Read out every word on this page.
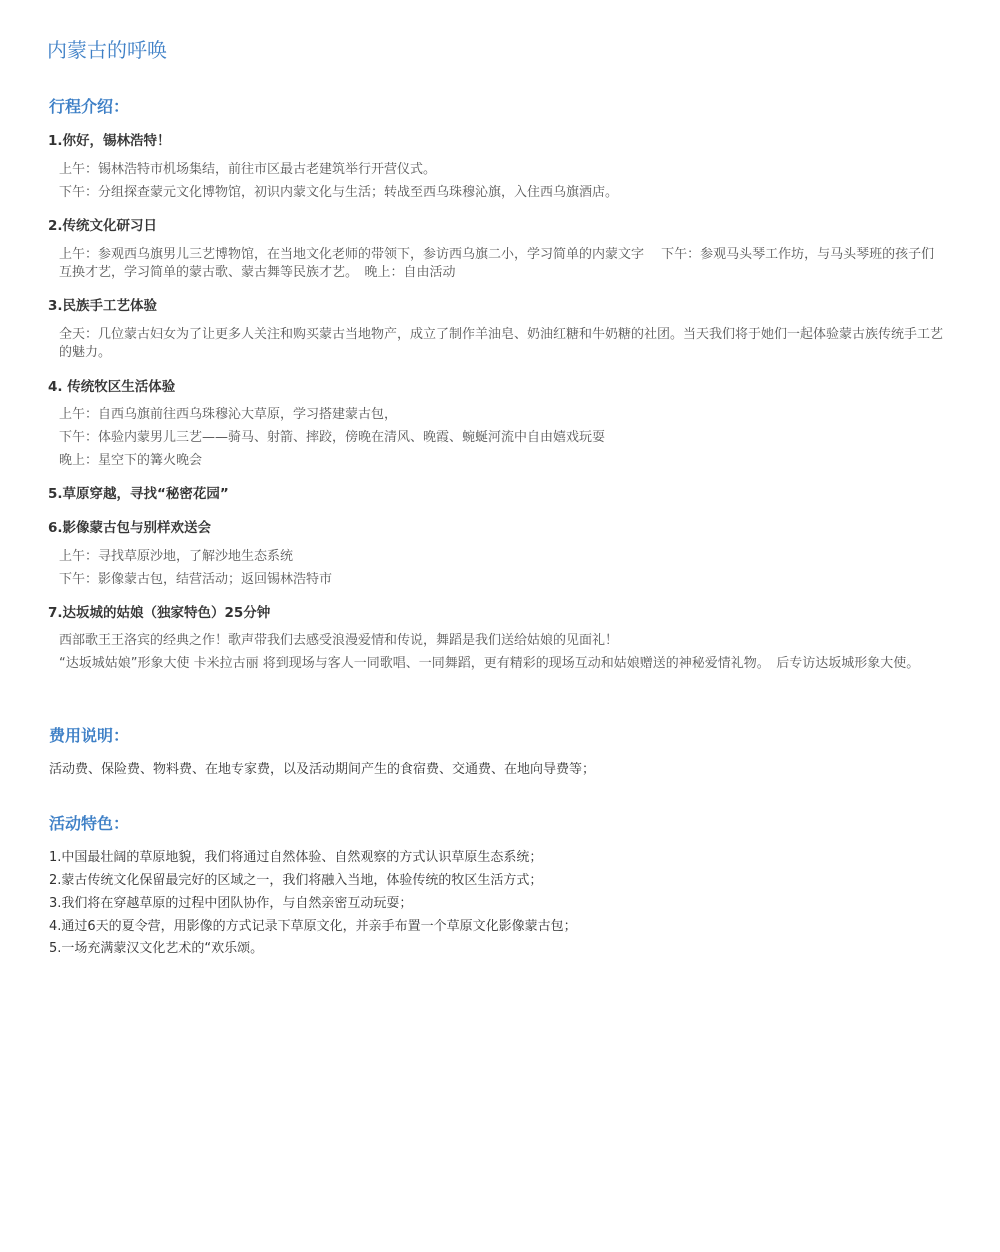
内蒙古的呼唤
行程介绍：
1.你好，锡林浩特！
上午：锡林浩特市机场集结，前往市区最古老建筑举行开营仪式。
下午：分组探查蒙元文化博物馆，初识内蒙文化与生活；转战至西乌珠穆沁旗，入住西乌旗酒店。
2.传统文化研习日
上午：参观西乌旗男儿三艺博物馆，在当地文化老师的带领下，参访西乌旗二小，学习简单的内蒙文字　 下午：参观马头琴工作坊，与马头琴班的孩子们互换才艺，学习简单的蒙古歌、蒙古舞等民族才艺。　晚上：自由活动
3.民族手工艺体验
全天：几位蒙古妇女为了让更多人关注和购买蒙古当地物产，成立了制作羊油皂、奶油红糖和牛奶糖的社团。当天我们将于她们一起体验蒙古族传统手工艺的魅力。
4. 传统牧区生活体验
上午：自西乌旗前往西乌珠穆沁大草原，学习搭建蒙古包，
下午：体验内蒙男儿三艺——骑马、射箭、摔跤，傍晚在清风、晚霞、蜿蜒河流中自由嬉戏玩耍
晚上：星空下的篝火晚会
5.草原穿越，寻找“秘密花园”
6.影像蒙古包与别样欢送会
上午：寻找草原沙地，了解沙地生态系统
下午：影像蒙古包，结营活动；返回锡林浩特市
7.达坂城的姑娘（独家特色）25分钟
西部歌王王洛宾的经典之作！歌声带我们去感受浪漫爱情和传说，舞蹈是我们送给姑娘的见面礼！
“达坂城姑娘”形象大使 卡米拉古丽 将到现场与客人一同歌唱、一同舞蹈，更有精彩的现场互动和姑娘赠送的神秘爱情礼物。　后专访达坂城形象大使。
费用说明：
活动费、保险费、物料费、在地专家费，以及活动期间产生的食宿费、交通费、在地向导费等；
活动特色：
1.中国最壮阔的草原地貌，我们将通过自然体验、自然观察的方式认识草原生态系统；
2.蒙古传统文化保留最完好的区域之一，我们将融入当地，体验传统的牧区生活方式；
3.我们将在穿越草原的过程中团队协作，与自然亲密互动玩耍；
4.通过6天的夏令营，用影像的方式记录下草原文化，并亲手布置一个草原文化影像蒙古包；
5.一场充满蒙汉文化艺术的“欢乐颂。
